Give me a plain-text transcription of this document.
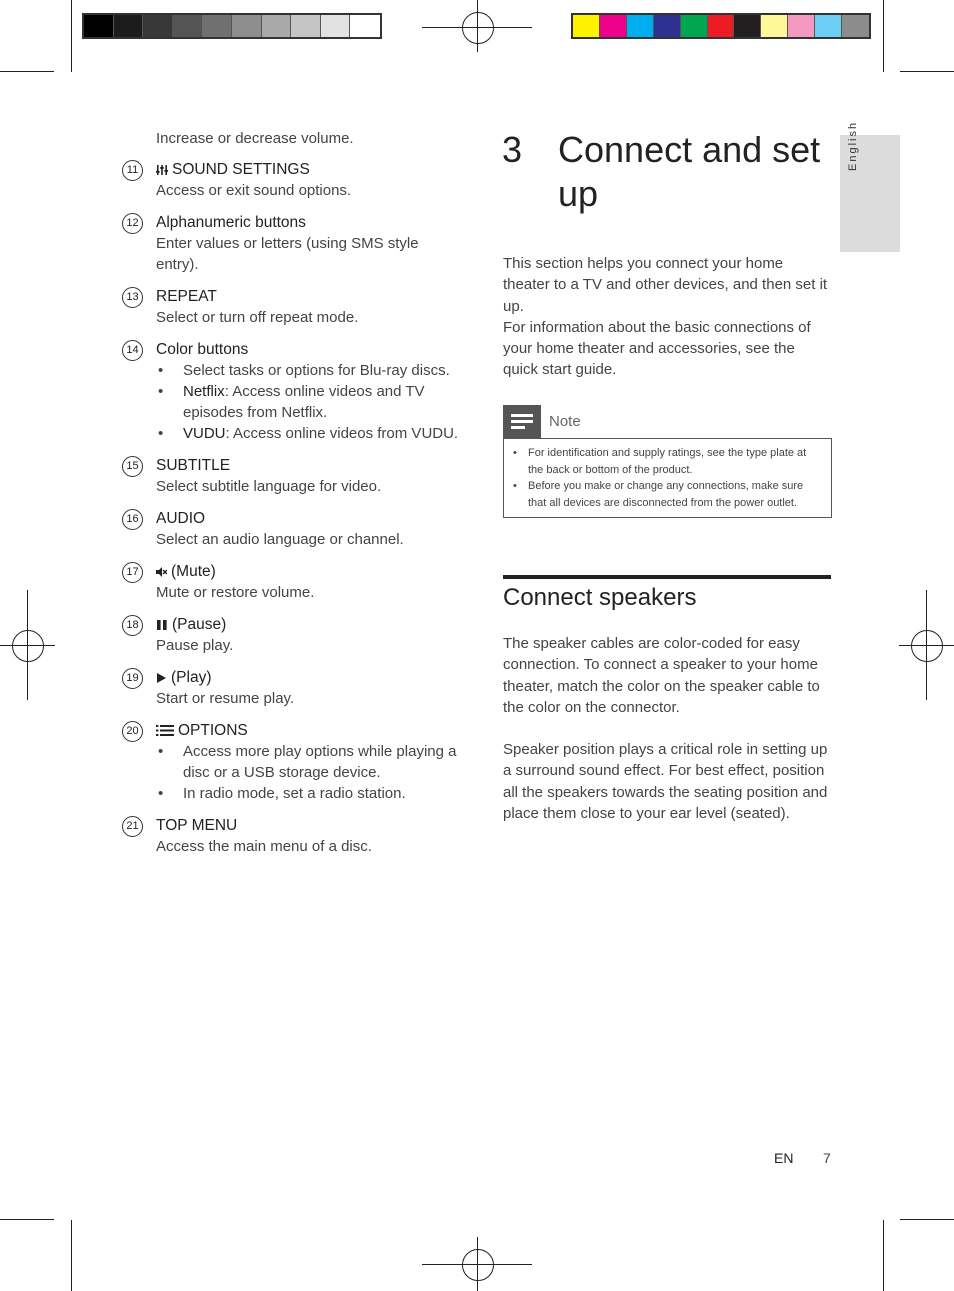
English

Increase or decrease volume.

11	SOUND SETTINGS
Access or exit sound options.
12 Alphanumeric buttons
Enter values or letters (using SMS style entry).
13 REPEAT
Select or turn off repeat mode.
14 Color buttons
• Select tasks or options for Blu-ray discs.
• Netflix: Access online videos and TV episodes from Netflix.
• VUDU: Access online videos from VUDU.
15 SUBTITLE
Select subtitle language for video.
16 AUDIO
Select an audio language or channel.
17	(Mute)
Mute or restore volume.
18	(Pause)
Pause play.
19	(Play)
Start or resume play.
20	OPTIONS
• Access more play options while playing a disc or a USB storage device.
• In radio mode, set a radio station.
21 TOP MENU
Access the main menu of a disc.
3 Connect and set up
This section helps you connect your home theater to a TV and other devices, and then set it up.
For information about the basic connections of your home theater and accessories, see the quick start guide.
Note
• For identification and supply ratings, see the type plate at the back or bottom of the product.
• Before you make or change any connections, make sure that all devices are disconnected from the power outlet.
Connect speakers
The speaker cables are color-coded for easy connection. To connect a speaker to your home theater, match the color on the speaker cable to the color on the connector.
Speaker position plays a critical role in setting up a surround sound effect. For best effect, position all the speakers towards the seating position and place them close to your ear level (seated).
EN 7
